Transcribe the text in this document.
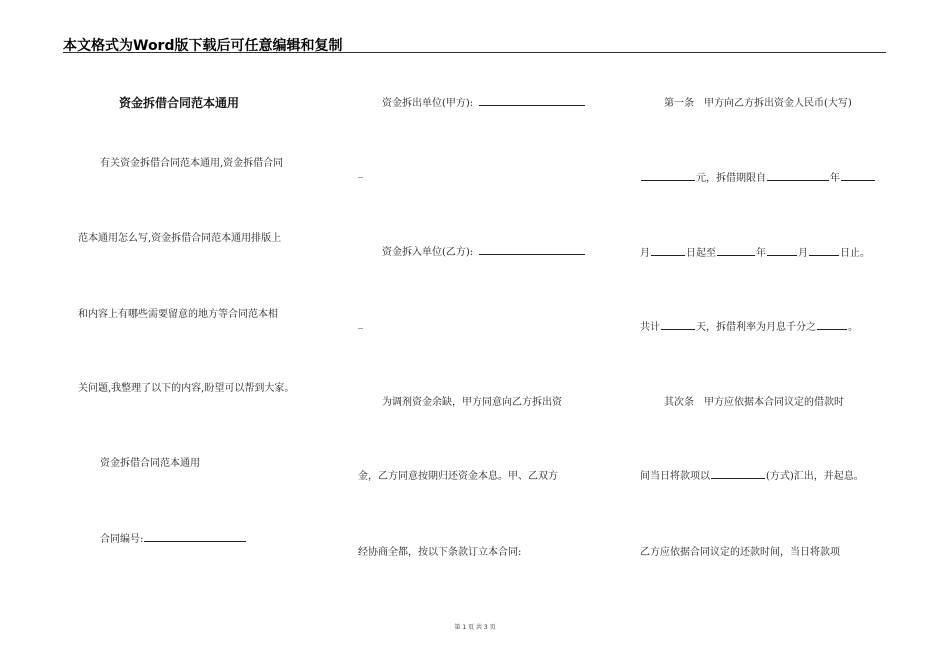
本文格式为Word版下载后可任意编辑和复制
资金拆借合同范本通用
有关资金拆借合同范本通用,资金拆借合同
范本通用怎么写,资金拆借合同范本通用排版上
和内容上有哪些需要留意的地方等合同范本相
关问题,我整理了以下的内容,盼望可以帮到大家。
资金拆借合同范本通用
合同编号:
资金拆出单位(甲方):
_
资金拆入单位(乙方):
_
为调剂资金余缺，甲方同意向乙方拆出资
金，乙方同意按期归还资金本息。甲、乙双方
经协商全都，按以下条款订立本合同:
第一条　甲方向乙方拆出资金人民币(大写)
元，拆借期限自	年
月	日起至	年	月	日止。
共计	天，拆借利率为月息千分之	。
其次条　甲方应依据本合同议定的借款时
间当日将款项以	(方式)汇出，并起息。
乙方应依据合同议定的还款时间，当日将款项
第 1 页 共 3 页
